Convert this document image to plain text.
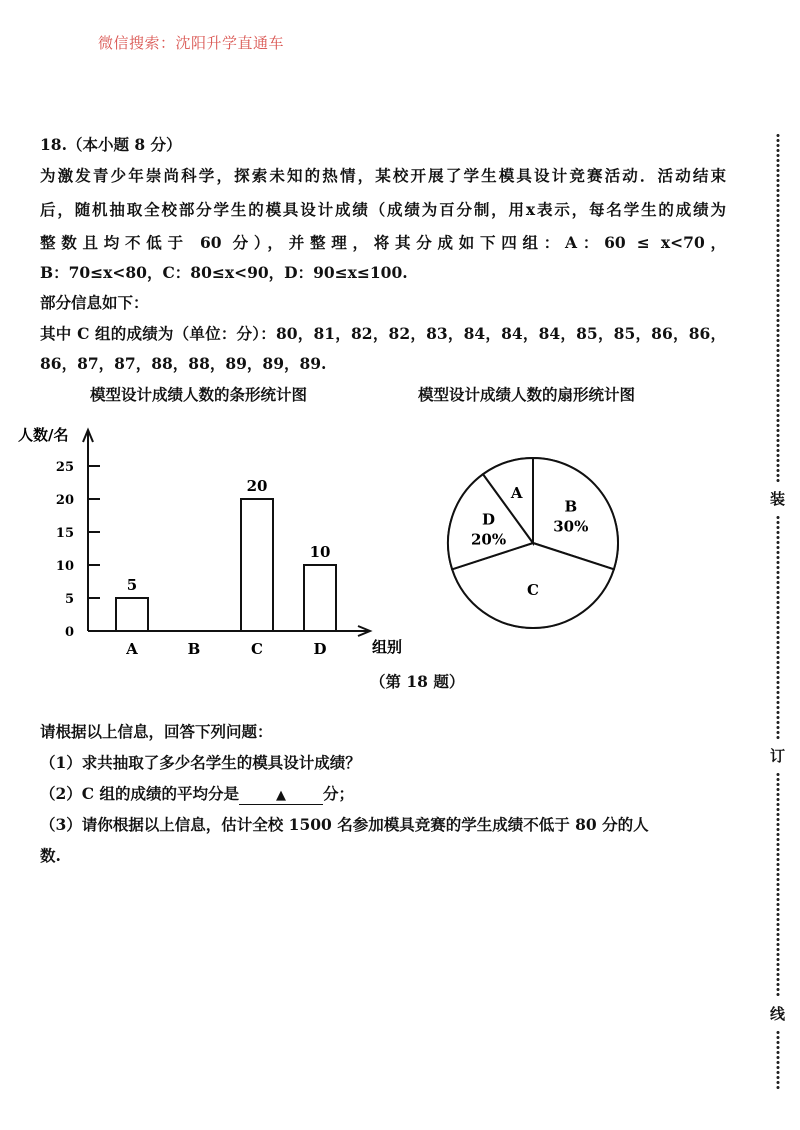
微信搜索：沈阳升学直通车
18.（本小题 8 分）
为激发青少年崇尚科学，探索未知的热情，某校开展了学生模具设计竞赛活动．活动结束
后，随机抽取全校部分学生的模具设计成绩（成绩为百分制，用x表示，每名学生的成绩为
整数且均不低于 60 分），并整理，将其分成如下四组：A：60 ≤ x<70，
B：70≤x<80，C：80≤x<90，D：90≤x≤100.
部分信息如下：
其中 C 组的成绩为（单位：分）：80，81，82，82，83，84，84，84，85，85，86，86，
86，87，87，88，88，89，89，89.
模型设计成绩人数的条形统计图	模型设计成绩人数的扇形统计图
人数/名
组别
0
5
10
15
20
25
A
5
B	C
20
D
10
B
30%
C
D
20%
A
（第 18 题）
请根据以上信息，回答下列问题：
（1）求共抽取了多少名学生的模具设计成绩？
（2）C 组的成绩的平均分是	▲ 分；
（3）请你根据以上信息，估计全校 1500 名参加模具竞赛的学生成绩不低于 80 分的人
数.
装
订
线
